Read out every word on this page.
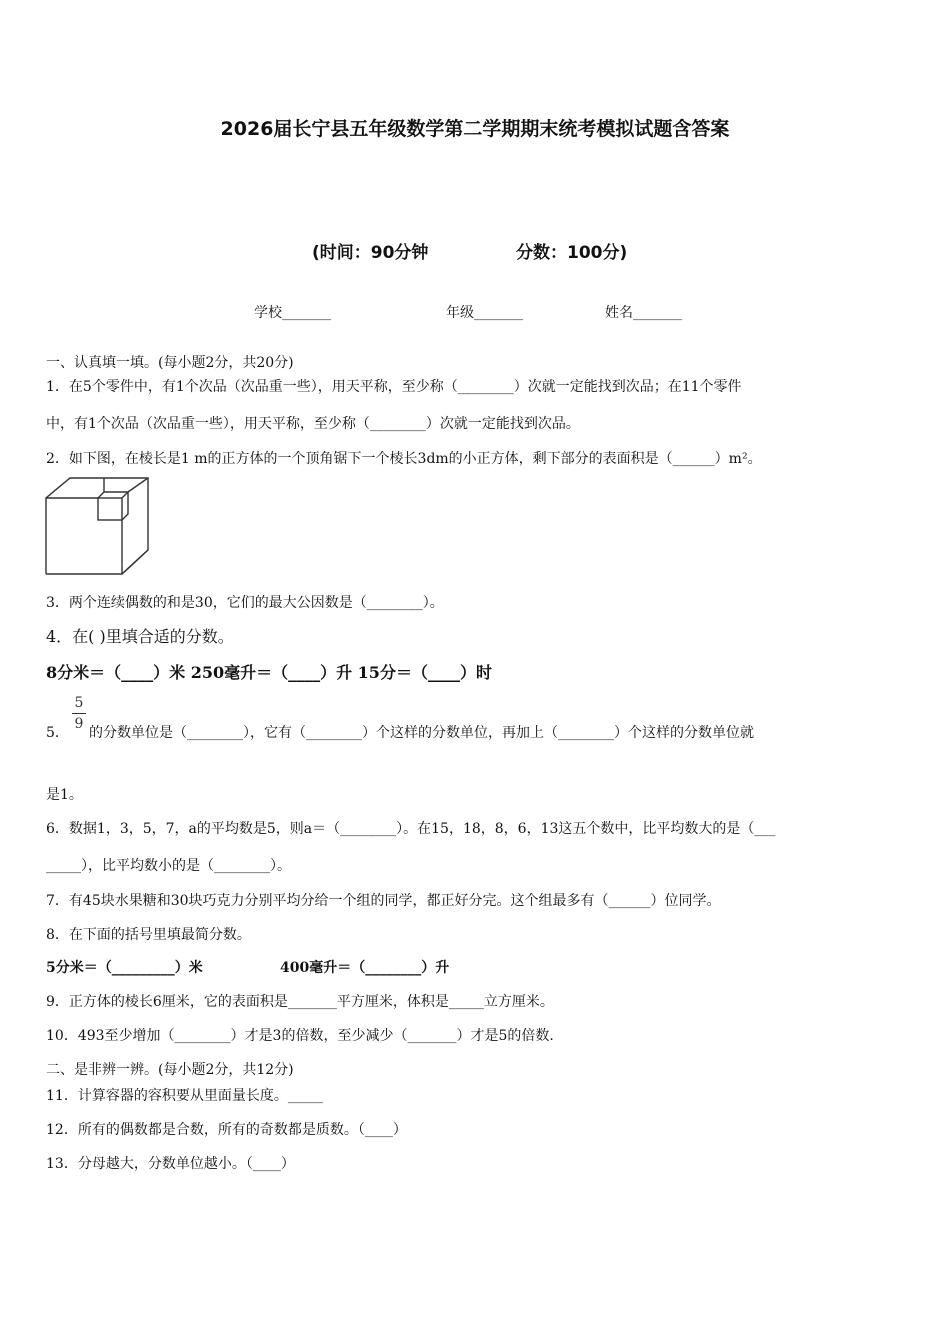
2026届长宁县五年级数学第二学期期末统考模拟试题含答案
(时间：90分钟	分数：100分)
学校_______	年级_______	姓名_______
一、认真填一填。(每小题2分，共20分)
1．在5个零件中，有1个次品（次品重一些），用天平称，至少称（________）次就一定能找到次品；在11个零件
中，有1个次品（次品重一些），用天平称，至少称（________）次就一定能找到次品。
2．如下图，在棱长是1 m的正方体的一个顶角锯下一个棱长3dm的小正方体，剩下部分的表面积是（______）m²。
3．两个连续偶数的和是30，它们的最大公因数是（________）。
4．在( )里填合适的分数。
8分米＝（____）米 250毫升＝（____）升 15分＝（____）时
5．
5
9
的分数单位是（________），它有（________）个这样的分数单位，再加上（________）个这样的分数单位就
是1。
6．数据1，3，5，7，a的平均数是5，则a＝（________）。在15，18，8，6，13这五个数中，比平均数大的是（___
_____），比平均数小的是（________）。
7．有45块水果糖和30块巧克力分别平均分给一个组的同学，都正好分完。这个组最多有（______）位同学。
8．在下面的括号里填最简分数。
5分米＝（_________）米	400毫升＝（________）升
9．正方体的棱长6厘米，它的表面积是_______平方厘米，体积是_____立方厘米。
10．493至少增加（________）才是3的倍数，至少减少（_______）才是5的倍数.
二、是非辨一辨。(每小题2分，共12分)
11．计算容器的容积要从里面量长度。_____
12．所有的偶数都是合数，所有的奇数都是质数。（____）
13．分母越大，分数单位越小。（____）
